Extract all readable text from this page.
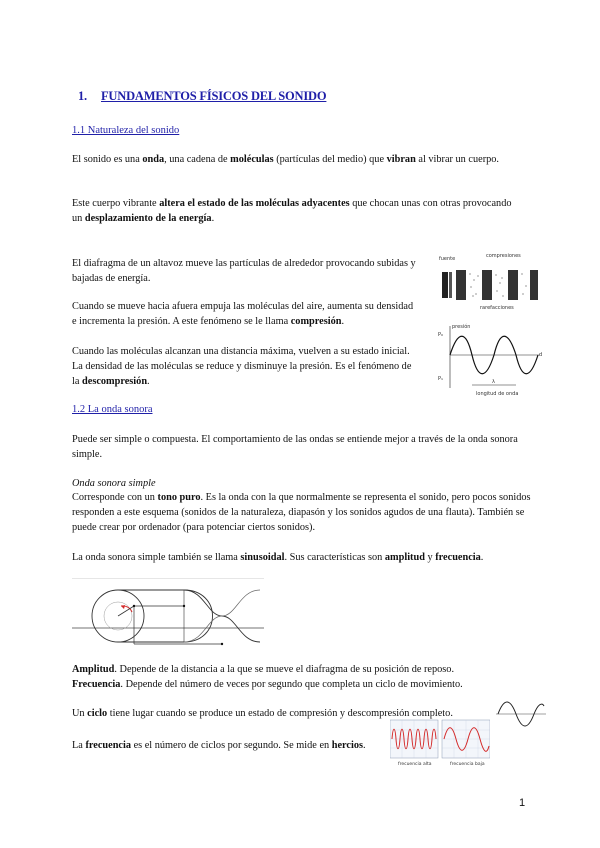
1. FUNDAMENTOS FÍSICOS DEL SONIDO
1.1 Naturaleza del sonido

El sonido es una onda, una cadena de moléculas (partículas del medio) que vibran al vibrar un cuerpo.

Este cuerpo vibrante altera el estado de las moléculas adyacentes que chocan unas con otras provocando un desplazamiento de la energía.

El diafragma de un altavoz mueve las partículas de alrededor provocando subidas y bajadas de energía.

Cuando se mueve hacia afuera empuja las moléculas del aire, aumenta su densidad e incrementa la presión. A este fenómeno se le llama compresión.

Cuando las moléculas alcanzan una distancia máxima, vuelven a su estado inicial. La densidad de las moléculas se reduce y disminuye la presión. Es el fenómeno de la descompresión.

fuente	compresiones
rarefacciones
presión
P₀
P₁
d
λ
longitud de onda
1.2 La onda sonora

Puede ser simple o compuesta. El comportamiento de las ondas se entiende mejor a través de la onda sonora simple.

Onda sonora simple

Corresponde con un tono puro. Es la onda con la que normalmente se representa el sonido, pero pocos sonidos responden a este esquema (sonidos de la naturaleza, diapasón y los sonidos agudos de una flauta). También se puede crear por ordenador (para potenciar ciertos sonidos).

La onda sonora simple también se llama sinusoidal. Sus características son amplitud y frecuencia.

Amplitud. Depende de la distancia a la que se mueve el diafragma de su posición de reposo.

Frecuencia. Depende del número de veces por segundo que completa un ciclo de movimiento.

Un ciclo tiene lugar cuando se produce un estado de compresión y descompresión completo.

La frecuencia es el número de ciclos por segundo. Se mide en hercios.

frecuencia alta	frecuencia baja
1
